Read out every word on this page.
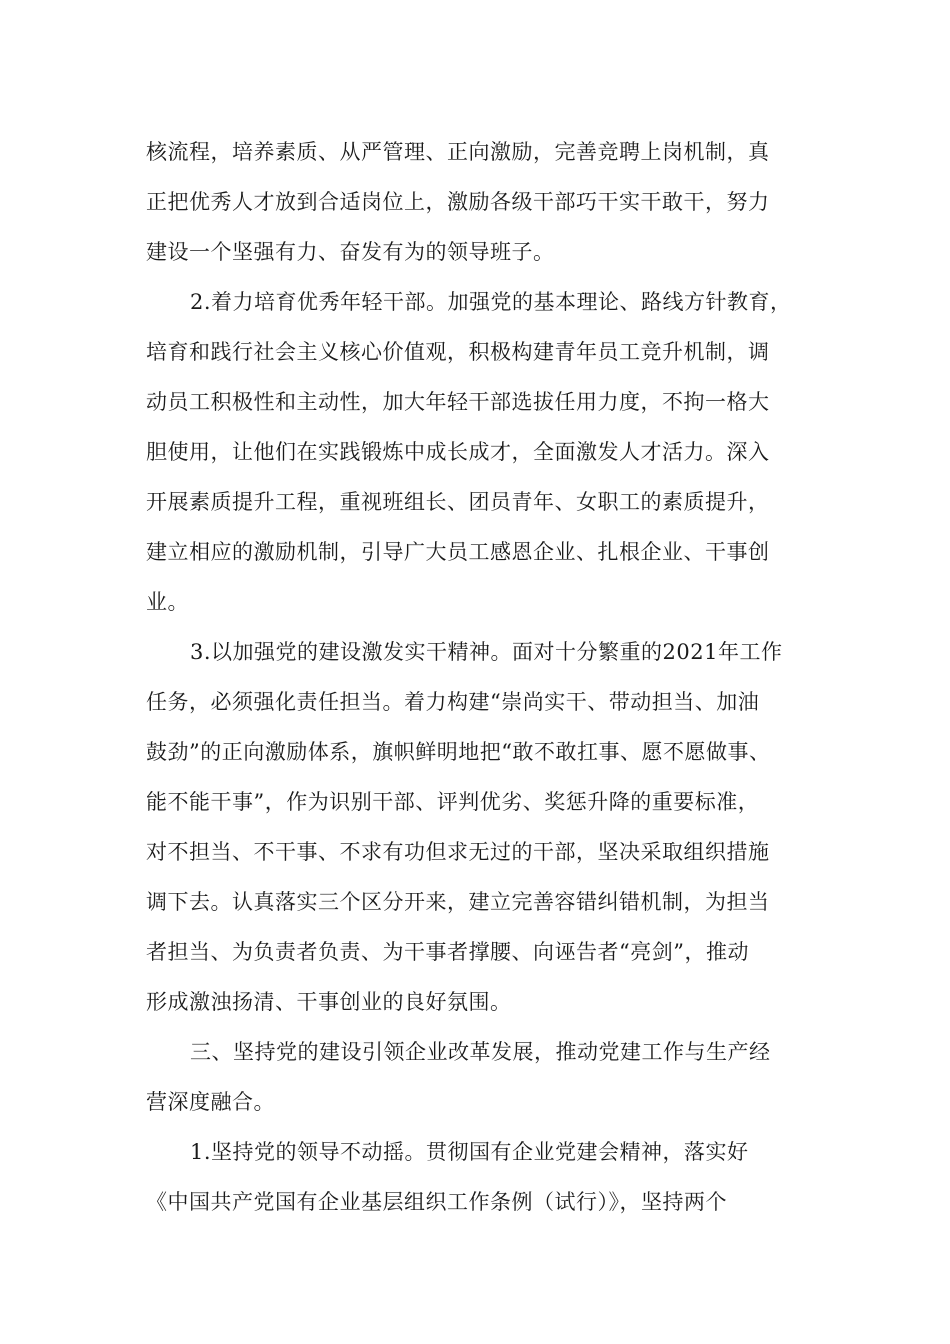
核流程，培养素质、从严管理、正向激励，完善竞聘上岗机制，真
正把优秀人才放到合适岗位上，激励各级干部巧干实干敢干，努力
建设一个坚强有力、奋发有为的领导班子。
2.着力培育优秀年轻干部。加强党的基本理论、路线方针教育，
培育和践行社会主义核心价值观，积极构建青年员工竞升机制，调
动员工积极性和主动性，加大年轻干部选拔任用力度，不拘一格大
胆使用，让他们在实践锻炼中成长成才，全面激发人才活力。深入
开展素质提升工程，重视班组长、团员青年、女职工的素质提升，
建立相应的激励机制，引导广大员工感恩企业、扎根企业、干事创
业。
3.以加强党的建设激发实干精神。面对十分繁重的2021年工作
任务，必须强化责任担当。着力构建“崇尚实干、带动担当、加油
鼓劲”的正向激励体系，旗帜鲜明地把“敢不敢扛事、愿不愿做事、
能不能干事”，作为识别干部、评判优劣、奖惩升降的重要标准，
对不担当、不干事、不求有功但求无过的干部，坚决采取组织措施
调下去。认真落实三个区分开来，建立完善容错纠错机制，为担当
者担当、为负责者负责、为干事者撑腰、向诬告者“亮剑”，推动
形成激浊扬清、干事创业的良好氛围。
三、坚持党的建设引领企业改革发展，推动党建工作与生产经
营深度融合。
1.坚持党的领导不动摇。贯彻国有企业党建会精神，落实好
《中国共产党国有企业基层组织工作条例（试行）》，坚持两个
